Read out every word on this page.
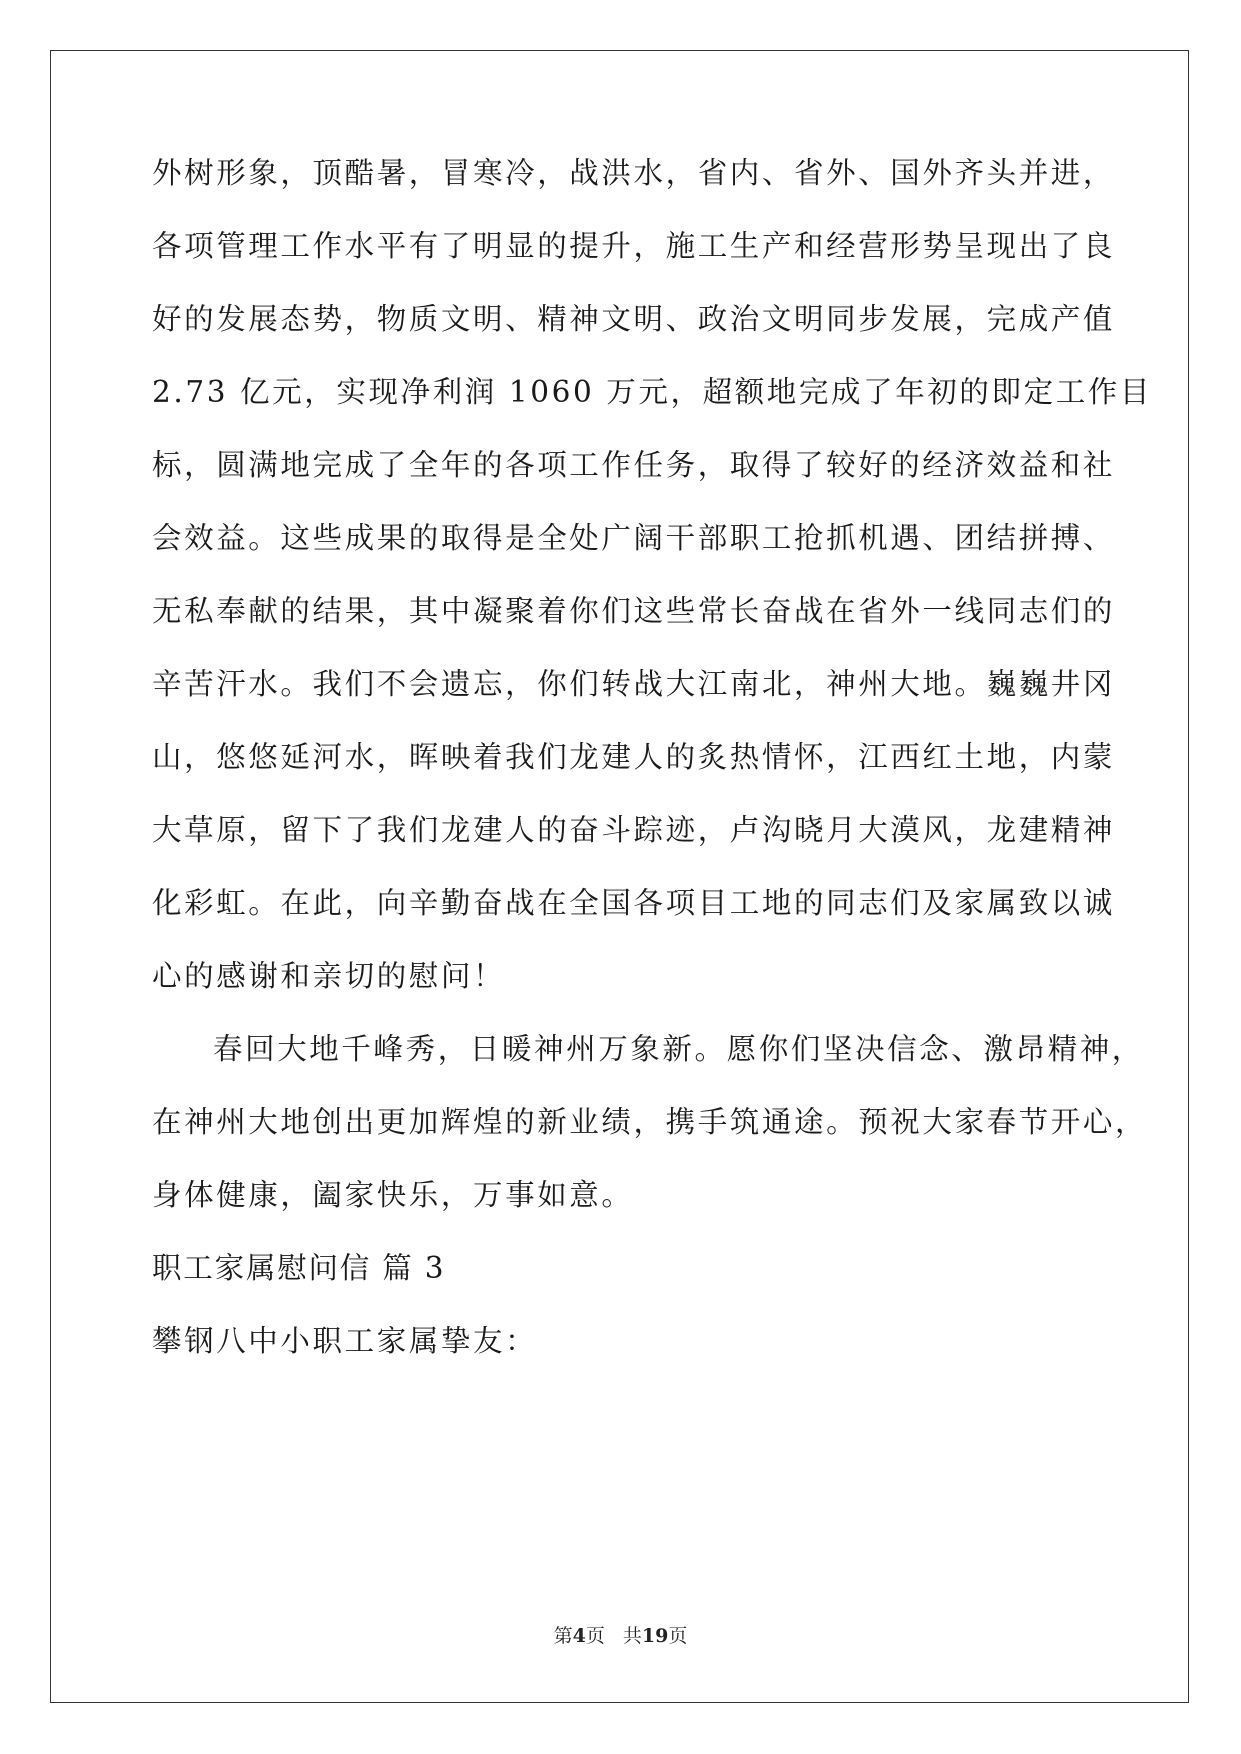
外树形象，顶酷暑，冒寒冷，战洪水，省内、省外、国外齐头并进，
各项管理工作水平有了明显的提升，施工生产和经营形势呈现出了良
好的发展态势，物质文明、精神文明、政治文明同步发展，完成产值
2.73 亿元，实现净利润 1060 万元，超额地完成了年初的即定工作目
标，圆满地完成了全年的各项工作任务，取得了较好的经济效益和社
会效益。这些成果的取得是全处广阔干部职工抢抓机遇、团结拼搏、
无私奉献的结果，其中凝聚着你们这些常长奋战在省外一线同志们的
辛苦汗水。我们不会遗忘，你们转战大江南北，神州大地。巍巍井冈
山，悠悠延河水，晖映着我们龙建人的炙热情怀，江西红土地，内蒙
大草原，留下了我们龙建人的奋斗踪迹，卢沟晓月大漠风，龙建精神
化彩虹。在此，向辛勤奋战在全国各项目工地的同志们及家属致以诚
心的感谢和亲切的慰问！
春回大地千峰秀，日暖神州万象新。愿你们坚决信念、激昂精神，
在神州大地创出更加辉煌的新业绩，携手筑通途。预祝大家春节开心，
身体健康，阖家快乐，万事如意。
职工家属慰问信 篇 3
攀钢八中小职工家属挚友：
第4页 共19页
